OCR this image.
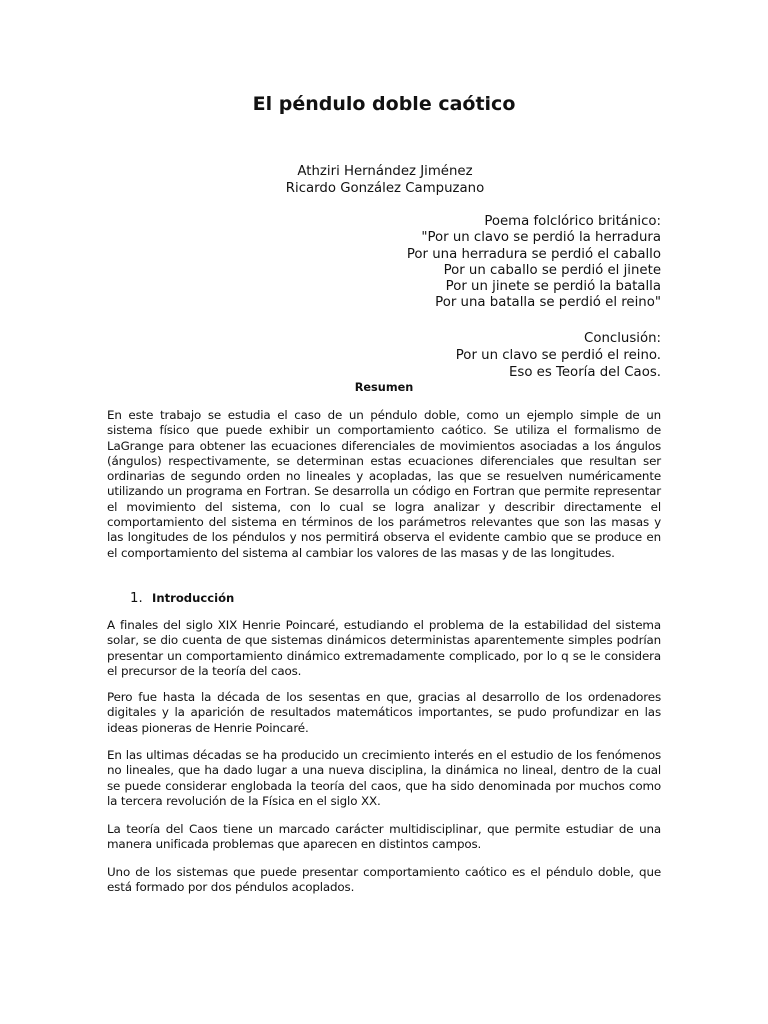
El péndulo doble caótico
Athziri Hernández Jiménez
Ricardo González Campuzano
Poema folclórico británico:
"Por un clavo se perdió la herradura
Por una herradura se perdió el caballo
Por un caballo se perdió el jinete
Por un jinete se perdió la batalla
Por una batalla se perdió el reino"
Conclusión:
Por un clavo se perdió el reino.
Eso es Teoría del Caos.
Resumen

En este trabajo se estudia el caso de un péndulo doble, como un ejemplo simple de un sistema físico que puede exhibir un comportamiento caótico. Se utiliza el formalismo de LaGrange para obtener las ecuaciones diferenciales de movimientos asociadas a los ángulos (ángulos) respectivamente, se determinan estas ecuaciones diferenciales que resultan ser ordinarias de segundo orden no lineales y acopladas, las que se resuelven numéricamente utilizando un programa en Fortran. Se desarrolla un código en Fortran que permite representar el movimiento del sistema, con lo cual se logra analizar y describir directamente el comportamiento del sistema en términos de los parámetros relevantes que son las masas y las longitudes de los péndulos y nos permitirá observa el evidente cambio que se produce en el comportamiento del sistema al cambiar los valores de las masas y de las longitudes.

1. Introducción

A finales del siglo XIX Henrie Poincaré, estudiando el problema de la estabilidad del sistema solar, se dio cuenta de que sistemas dinámicos deterministas aparentemente simples podrían presentar un comportamiento dinámico extremadamente complicado, por lo q se le considera el precursor de la teoría del caos.

Pero fue hasta la década de los sesentas en que, gracias al desarrollo de los ordenadores digitales y la aparición de resultados matemáticos importantes, se pudo profundizar en las ideas pioneras de Henrie Poincaré.

En las ultimas décadas se ha producido un crecimiento interés en el estudio de los fenómenos no lineales, que ha dado lugar a una nueva disciplina, la dinámica no lineal, dentro de la cual se puede considerar englobada la teoría del caos, que ha sido denominada por muchos como la tercera revolución de la Física en el siglo XX.

La teoría del Caos tiene un marcado carácter multidisciplinar, que permite estudiar de una manera unificada problemas que aparecen en distintos campos.

Uno de los sistemas que puede presentar comportamiento caótico es el péndulo doble, que está formado por dos péndulos acoplados.
